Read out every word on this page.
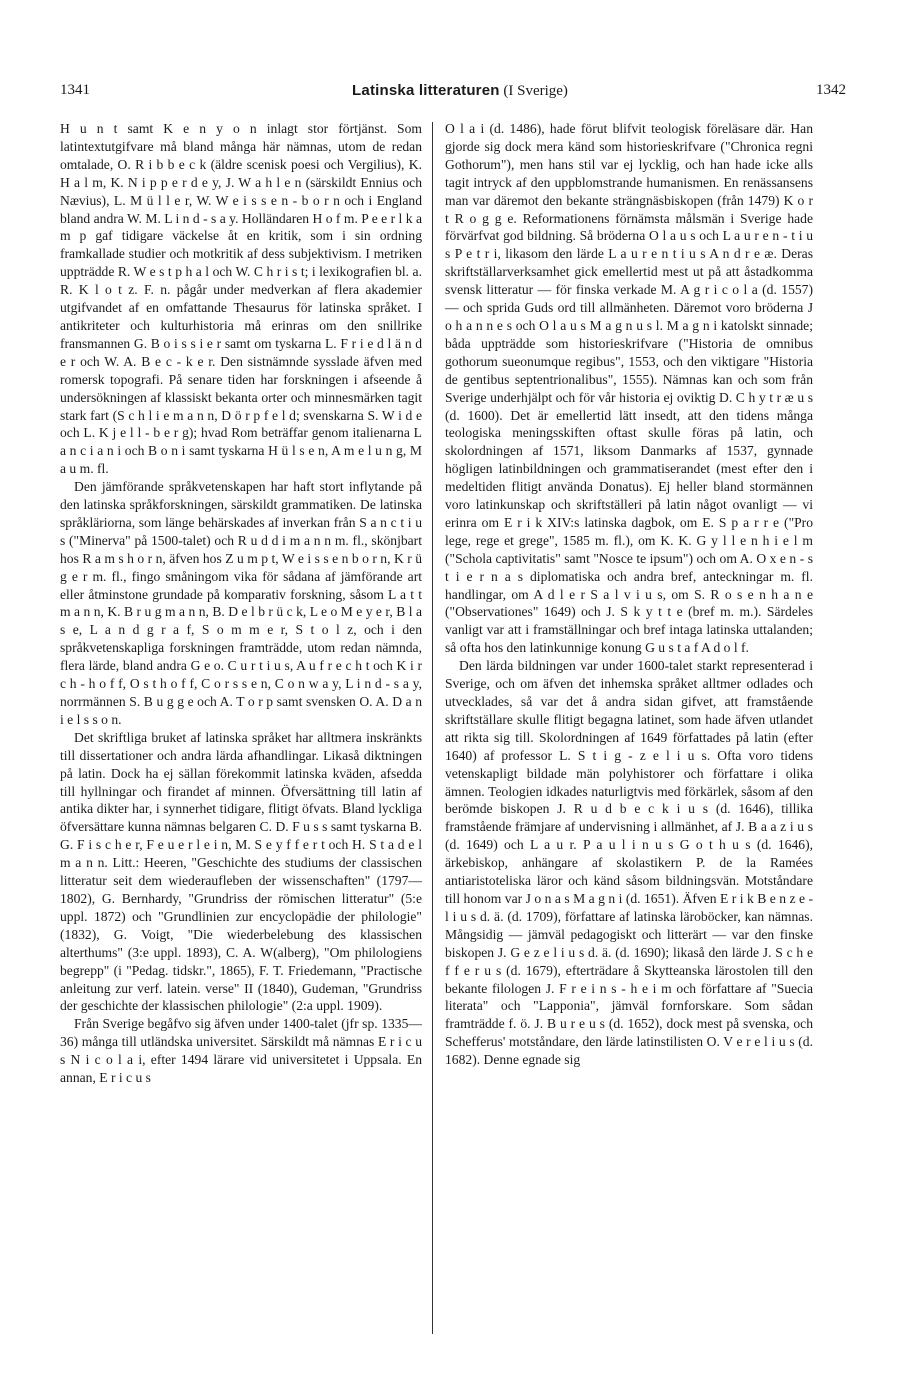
1341	Latinska litteraturen (I Sverige)	1342

H u n t samt K e n y o n inlagt stor förtjänst. Som latintextutgifvare må bland många här nämnas, utom de redan omtalade, O. R i b b e c k (äldre scenisk poesi och Vergilius), K. H a l m, K. N i p p e r d e y, J. W a h l e n (särskildt Ennius och Nævius), L. M ü l l e r, W. W e i s s e n - b o r n och i England bland andra W. M. L i n d - s a y. Holländaren H o f m. P e e r l k a m p gaf tidigare väckelse åt en kritik, som i sin ordning framkallade studier och motkritik af dess subjektivism. I metriken uppträdde R. W e s t p h a l och W. C h r i s t; i lexikografien bl. a. R. K l o t z. F. n. pågår under medverkan af flera akademier utgifvandet af en omfattande Thesaurus för latinska språket. I antikriteter och kulturhistoria må erinras om den snillrike fransmannen G. B o i s s i e r samt om tyskarna L. F r i e d l ä n d e r och W. A. B e c - k e r. Den sistnämnde sysslade äfven med romersk topografi. På senare tiden har forskningen i afseende å undersökningen af klassiskt bekanta orter och minnesmärken tagit stark fart (S c h l i e m a n n, D ö r p f e l d; svenskarna S. W i d e och L. K j e l l - b e r g); hvad Rom beträffar genom italienarna L a n c i a n i och B o n i samt tyskarna H ü l s e n, A m e l u n g, M a u m. fl.

Den jämförande språkvetenskapen har haft stort inflytande på den latinska språkforskningen, särskildt grammatiken. De latinska språkläriorna, som länge behärskades af inverkan från S a n c t i u s ("Minerva" på 1500-talet) och R u d d i m a n n m. fl., skönjbart hos R a m s h o r n, äfven hos Z u m p t, W e i s s e n b o r n, K r ü g e r m. fl., fingo småningom vika för sådana af jämförande art eller åtminstone grundade på komparativ forskning, såsom L a t t m a n n, K. B r u g m a n n, B. D e l b r ü c k, L e o M e y e r, B l a s e, L a n d g r a f, S o m m e r, S t o l z, och i den språkvetenskapliga forskningen framträdde, utom redan nämnda, flera lärde, bland andra G e o. C u r t i u s, A u f r e c h t och K i r c h - h o f f, O s t h o f f, C o r s s e n, C o n w a y, L i n d - s a y, norrmännen S. B u g g e och A. T o r p samt svensken O. A. D a n i e l s s o n.

Det skriftliga bruket af latinska språket har alltmera inskränkts till dissertationer och andra lärda afhandlingar. Likaså diktningen på latin. Dock ha ej sällan förekommit latinska kväden, afsedda till hyllningar och firandet af minnen. Öfversättning till latin af antika dikter har, i synnerhet tidigare, flitigt öfvats. Bland lyckliga öfversättare kunna nämnas belgaren C. D. F u s s samt tyskarna B. G. F i s c h e r, F e u e r l e i n, M. S e y f f e r t och H. S t a d e l m a n n. Litt.: Heeren, "Geschichte des studiums der classischen litteratur seit dem wiederaufleben der wissenschaften" (1797—1802), G. Bernhardy, "Grundriss der römischen litteratur" (5:e uppl. 1872) och "Grundlinien zur encyclopädie der philologie" (1832), G. Voigt, "Die wiederbelebung des klassischen alterthums" (3:e uppl. 1893), C. A. W(alberg), "Om philologiens begrepp" (i "Pedag. tidskr.", 1865), F. T. Friedemann, "Practische anleitung zur verf. latein. verse" II (1840), Gudeman, "Grundriss der geschichte der klassischen philologie" (2:a uppl. 1909).

Från Sverige begåfvo sig äfven under 1400-talet (jfr sp. 1335—36) många till utländska universitet. Särskildt må nämnas E r i c u s N i c o l a i, efter 1494 lärare vid universitetet i Uppsala. En annan, E r i c u s

O l a i (d. 1486), hade förut blifvit teologisk föreläsare där. Han gjorde sig dock mera känd som historieskrifvare ("Chronica regni Gothorum"), men hans stil var ej lycklig, och han hade icke alls tagit intryck af den uppblomstrande humanismen. En renässansens man var däremot den bekante strängnäsbiskopen (från 1479) K o r t R o g g e. Reformationens förnämsta målsmän i Sverige hade förvärfvat god bildning. Så bröderna O l a u s och L a u r e n - t i u s P e t r i, likasom den lärde L a u r e n t i u s A n d r e æ. Deras skriftställarverksamhet gick emellertid mest ut på att åstadkomma svensk litteratur — för finska verkade M. A g r i c o l a (d. 1557) — och sprida Guds ord till allmänheten. Däremot voro bröderna J o h a n n e s och O l a u s M a g n u s l. M a g n i katolskt sinnade; båda uppträdde som historieskrifvare ("Historia de omnibus gothorum sueonumque regibus", 1553, och den viktigare "Historia de gentibus septentrionalibus", 1555). Nämnas kan och som från Sverige underhjälpt och för vår historia ej oviktig D. C h y t r æ u s (d. 1600). Det är emellertid lätt insedt, att den tidens många teologiska meningsskiften oftast skulle föras på latin, och skolordningen af 1571, liksom Danmarks af 1537, gynnade högligen latinbildningen och grammatiserandet (mest efter den i medeltiden flitigt använda Donatus). Ej heller bland stormännen voro latinkunskap och skriftställeri på latin något ovanligt — vi erinra om E r i k XIV:s latinska dagbok, om E. S p a r r e ("Pro lege, rege et grege", 1585 m. fl.), om K. K. G y l l e n h i e l m ("Schola captivitatis" samt "Nosce te ipsum") och om A. O x e n - s t i e r n a s diplomatiska och andra bref, anteckningar m. fl. handlingar, om A d l e r S a l v i u s, om S. R o s e n h a n e ("Observationes" 1649) och J. S k y t t e (bref m. m.). Särdeles vanligt var att i framställningar och bref intaga latinska uttalanden; så ofta hos den latinkunnige konung G u s t a f A d o l f.

Den lärda bildningen var under 1600-talet starkt representerad i Sverige, och om äfven det inhemska språket alltmer odlades och utvecklades, så var det å andra sidan gifvet, att framstående skriftställare skulle flitigt begagna latinet, som hade äfven utlandet att rikta sig till. Skolordningen af 1649 författades på latin (efter 1640) af professor L. S t i g - z e l i u s. Ofta voro tidens vetenskapligt bildade män polyhistorer och författare i olika ämnen. Teologien idkades naturligtvis med förkärlek, såsom af den berömde biskopen J. R u d b e c k i u s (d. 1646), tillika framstående främjare af undervisning i allmänhet, af J. B a a z i u s (d. 1649) och L a u r. P a u l i n u s G o t h u s (d. 1646), ärkebiskop, anhängare af skolastikern P. de la Ramées antiaristoteliska läror och känd såsom bildningsvän. Motståndare till honom var J o n a s M a g n i (d. 1651). Äfven E r i k B e n z e - l i u s d. ä. (d. 1709), författare af latinska läroböcker, kan nämnas. Mångsidig — jämväl pedagogiskt och litterärt — var den finske biskopen J. G e z e l i u s d. ä. (d. 1690); likaså den lärde J. S c h e f f e r u s (d. 1679), efterträdare å Skytteanska lärostolen till den bekante filologen J. F r e i n s - h e i m och författare af "Suecia literata" och "Lapponia", jämväl fornforskare. Som sådan framträdde f. ö. J. B u r e u s (d. 1652), dock mest på svenska, och Schefferus' motståndare, den lärde latinstilisten O. V e r e l i u s (d. 1682). Denne egnade sig
